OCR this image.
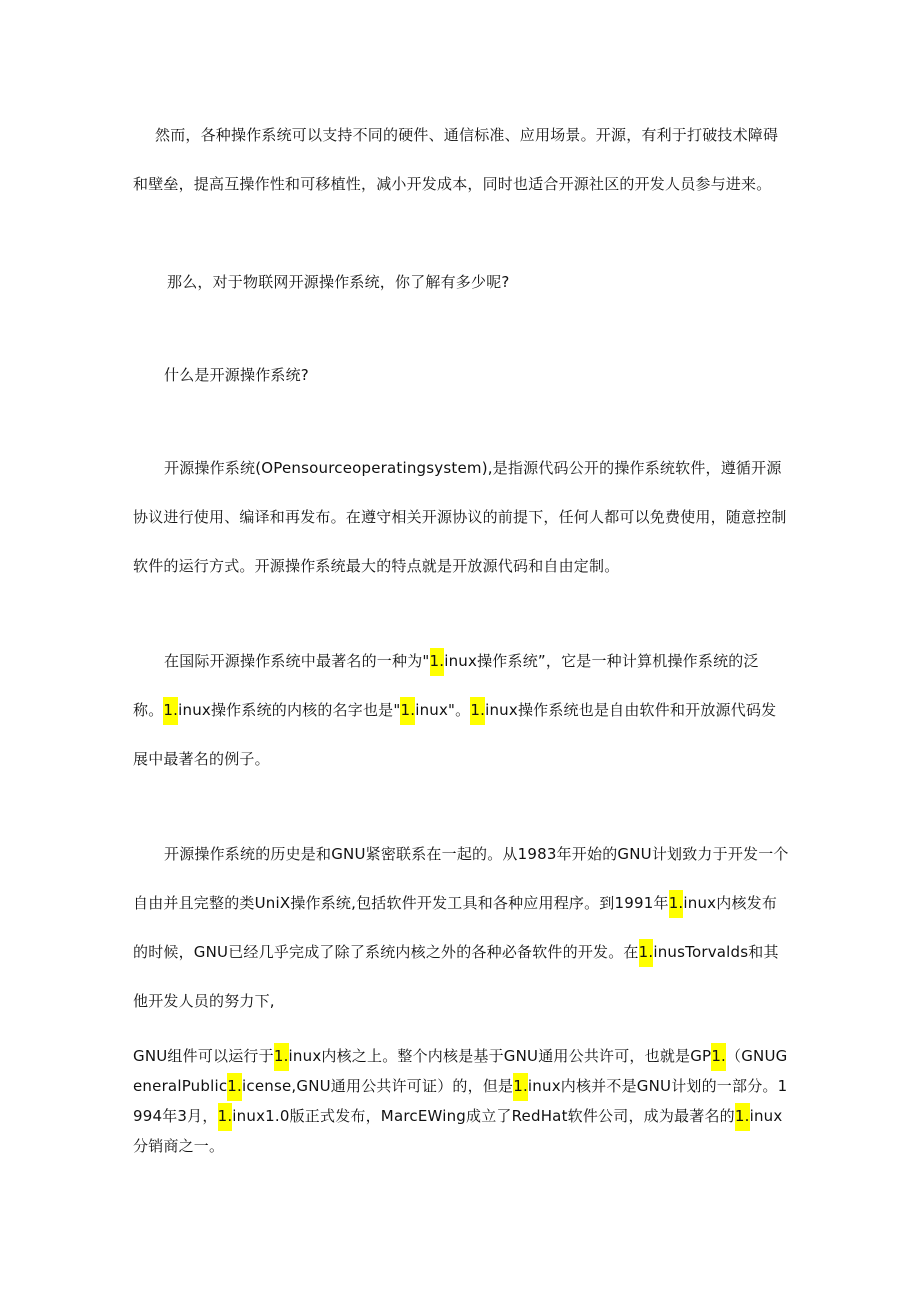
然而，各种操作系统可以支持不同的硬件、通信标准、应用场景。开源，有利于打破技术障碍和壁垒，提高互操作性和可移植性，减小开发成本，同时也适合开源社区的开发人员参与进来。

那么，对于物联网开源操作系统，你了解有多少呢?

什么是开源操作系统?

开源操作系统(OPensourceoperatingsystem),是指源代码公开的操作系统软件，遵循开源协议进行使用、编译和再发布。在遵守相关开源协议的前提下，任何人都可以免费使用，随意控制软件的运行方式。开源操作系统最大的特点就是开放源代码和自由定制。

在国际开源操作系统中最著名的一种为"1.inux操作系统”，它是一种计算机操作系统的泛称。1.inux操作系统的内核的名字也是"1.inux"。1.inux操作系统也是自由软件和开放源代码发展中最著名的例子。

开源操作系统的历史是和GNU紧密联系在一起的。从1983年开始的GNU计划致力于开发一个自由并且完整的类UniX操作系统,包括软件开发工具和各种应用程序。到1991年1.inux内核发布的时候，GNU已经几乎完成了除了系统内核之外的各种必备软件的开发。在1.inusTorvalds和其他开发人员的努力下,

GNU组件可以运行于1.inux内核之上。整个内核是基于GNU通用公共许可，也就是GP1.（GNUGeneralPublic1.icense,GNU通用公共许可证）的，但是1.inux内核并不是GNU计划的一部分。1994年3月，1.inux1.0版正式发布，MarcEWing成立了RedHat软件公司，成为最著名的1.inux分销商之一。
